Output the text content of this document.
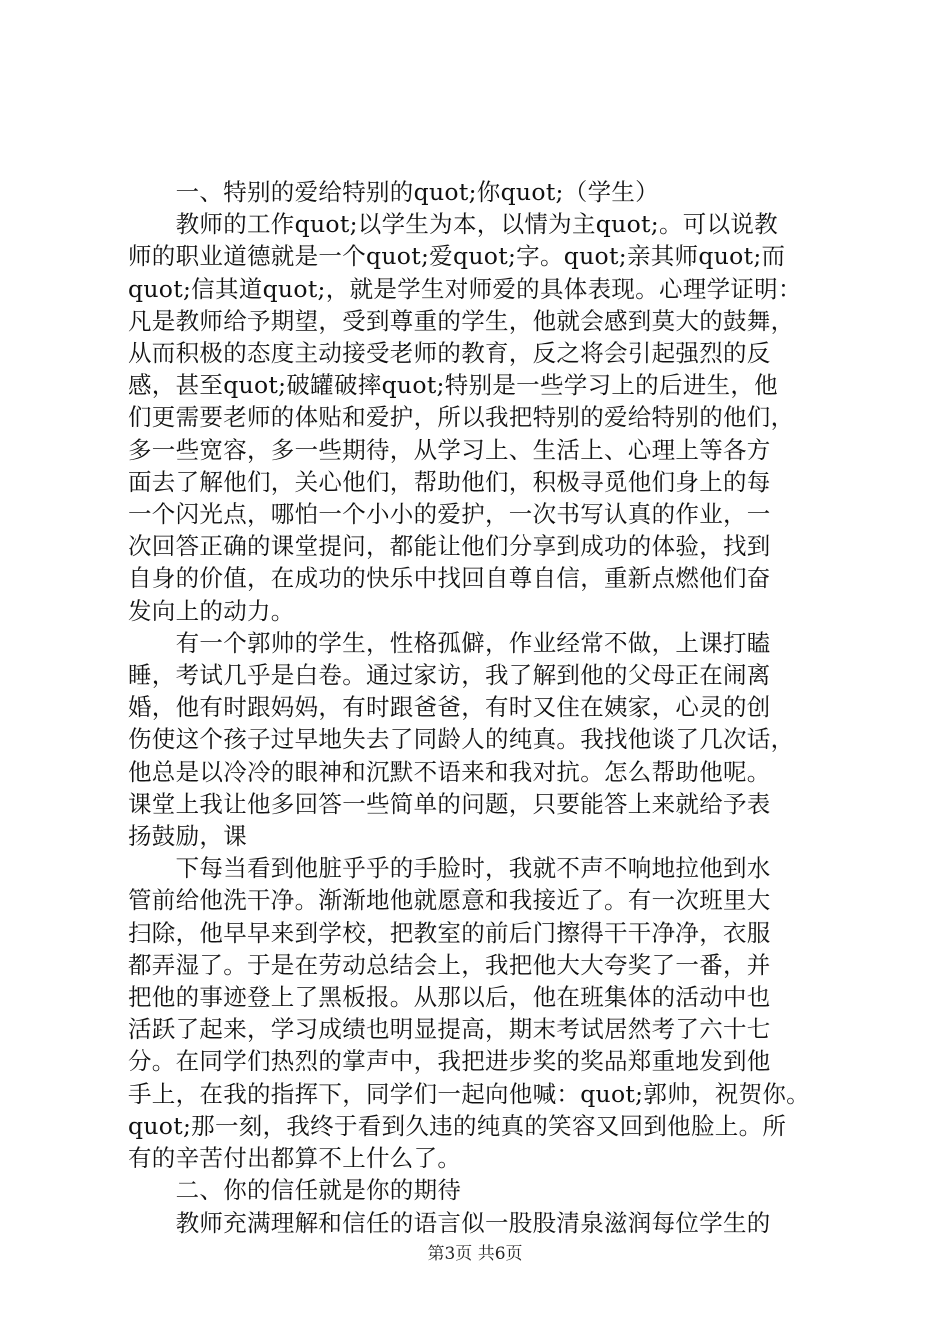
　　一、特别的爱给特别的quot;你quot;（学生）

　　教师的工作quot;以学生为本，以情为主quot;。可以说教
师的职业道德就是一个quot;爱quot;字。quot;亲其师quot;而
quot;信其道quot;，就是学生对师爱的具体表现。心理学证明：
凡是教师给予期望，受到尊重的学生，他就会感到莫大的鼓舞，
从而积极的态度主动接受老师的教育，反之将会引起强烈的反
感，甚至quot;破罐破摔quot;特别是一些学习上的后进生，他
们更需要老师的体贴和爱护，所以我把特别的爱给特别的他们，
多一些宽容，多一些期待，从学习上、生活上、心理上等各方
面去了解他们，关心他们，帮助他们，积极寻觅他们身上的每
一个闪光点，哪怕一个小小的爱护，一次书写认真的作业，一
次回答正确的课堂提问，都能让他们分享到成功的体验，找到
自身的价值，在成功的快乐中找回自尊自信，重新点燃他们奋
发向上的动力。

　　有一个郭帅的学生，性格孤僻，作业经常不做，上课打瞌
睡，考试几乎是白卷。通过家访，我了解到他的父母正在闹离
婚，他有时跟妈妈，有时跟爸爸，有时又住在姨家，心灵的创
伤使这个孩子过早地失去了同龄人的纯真。我找他谈了几次话，
他总是以冷冷的眼神和沉默不语来和我对抗。怎么帮助他呢。
课堂上我让他多回答一些简单的问题，只要能答上来就给予表
扬鼓励，课

　　下每当看到他脏乎乎的手脸时，我就不声不响地拉他到水
管前给他洗干净。渐渐地他就愿意和我接近了。有一次班里大
扫除，他早早来到学校，把教室的前后门擦得干干净净，衣服
都弄湿了。于是在劳动总结会上，我把他大大夸奖了一番，并
把他的事迹登上了黑板报。从那以后，他在班集体的活动中也
活跃了起来，学习成绩也明显提高，期末考试居然考了六十七
分。在同学们热烈的掌声中，我把进步奖的奖品郑重地发到他
手上，在我的指挥下，同学们一起向他喊：quot;郭帅，祝贺你。
quot;那一刻，我终于看到久违的纯真的笑容又回到他脸上。所
有的辛苦付出都算不上什么了。

　　二、你的信任就是你的期待

　　教师充满理解和信任的语言似一股股清泉滋润每位学生的

第3页 共6页
